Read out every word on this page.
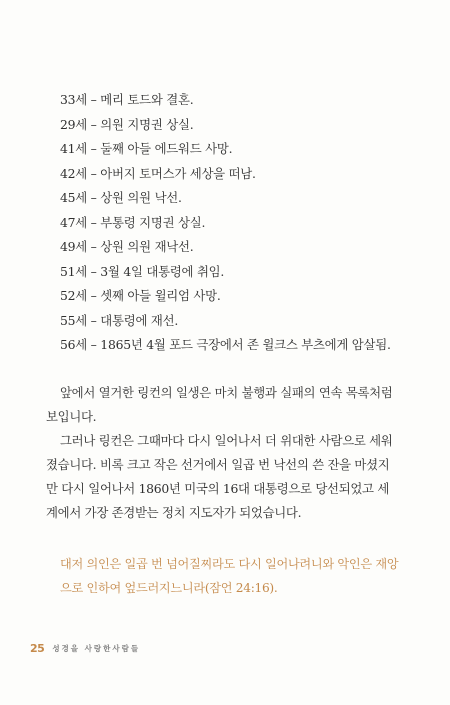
33세 – 메리 토드와 결혼.
29세 – 의원 지명권 상실.
41세 – 둘째 아들 에드워드 사망.
42세 – 아버지 토머스가 세상을 떠남.
45세 – 상원 의원 낙선.
47세 – 부통령 지명권 상실.
49세 – 상원 의원 재낙선.
51세 – 3월 4일 대통령에 취임.
52세 – 셋째 아들 윌리엄 사망.
55세 – 대통령에 재선.
56세 – 1865년 4월 포드 극장에서 존 윌크스 부츠에게 암살됨.

앞에서 열거한 링컨의 일생은 마치 불행과 실패의 연속 목록처럼 보입니다.

그러나 링컨은 그때마다 다시 일어나서 더 위대한 사람으로 세워졌습니다. 비록 크고 작은 선거에서 일곱 번 낙선의 쓴 잔을 마셨지만 다시 일어나서 1860년 미국의 16대 대통령으로 당선되었고 세계에서 가장 존경받는 정치 지도자가 되었습니다.

대저 의인은 일곱 번 넘어질찌라도 다시 일어나려니와 악인은 재앙으로 인하여 엎드러지느니라(잠언 24:16).

25 성경을 사랑한사람들
